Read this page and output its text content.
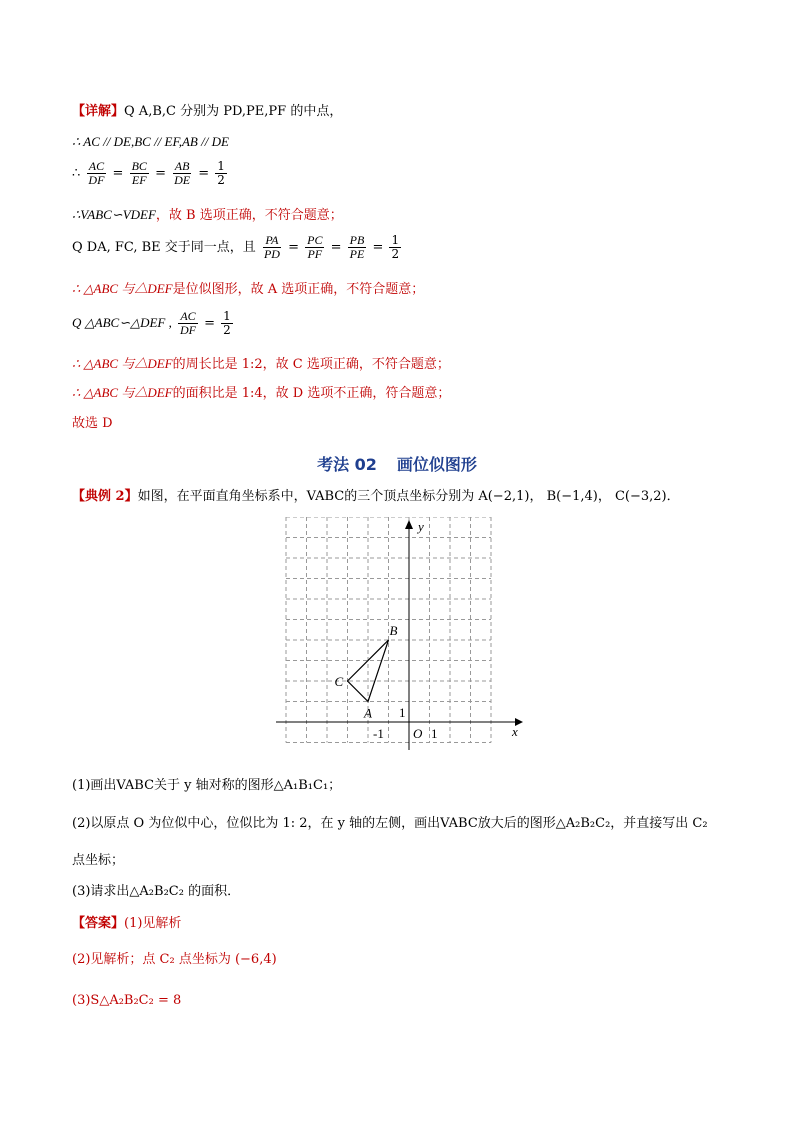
【详解】Q A,B,C 分别为 PD,PE,PF 的中点，
∴ AC // DE,BC // EF,AB // DE
∴ $\frac{AC}{DF} = \frac{BC}{EF} = \frac{AB}{DE} = \frac{1}{2}$
∴VABC∽VDEF，故 B 选项正确，不符合题意；
Q DA, FC, BE 交于同一点，且 $\frac{PA}{PD} = \frac{PC}{PF} = \frac{PB}{PE} = \frac{1}{2}$
∴ △ABC 与△DEF是位似图形，故 A 选项正确，不符合题意；
Q △ABC∽△DEF , $\frac{AC}{DF} = \frac{1}{2}$
∴ △ABC 与△DEF的周长比是 1:2，故 C 选项正确，不符合题意；
∴ △ABC 与△DEF的面积比是 1:4，故 D 选项不正确，符合题意；
故选 D
考法 02 画位似图形
【典例 2】如图，在平面直角坐标系中，VABC的三个顶点坐标分别为 A(−2,1)， B(−1,4)， C(−3,2)．
x
y
O 1
1
-1
A
B
C
(1)画出VABC关于 y 轴对称的图形△A₁B₁C₁；
(2)以原点 O 为位似中心，位似比为 1: 2，在 y 轴的左侧，画出VABC放大后的图形△A₂B₂C₂，并直接写出 C₂
点坐标；
(3)请求出△A₂B₂C₂ 的面积．
【答案】(1)见解析
(2)见解析；点 C₂ 点坐标为 (−6,4)
(3)S△A₂B₂C₂ = 8
